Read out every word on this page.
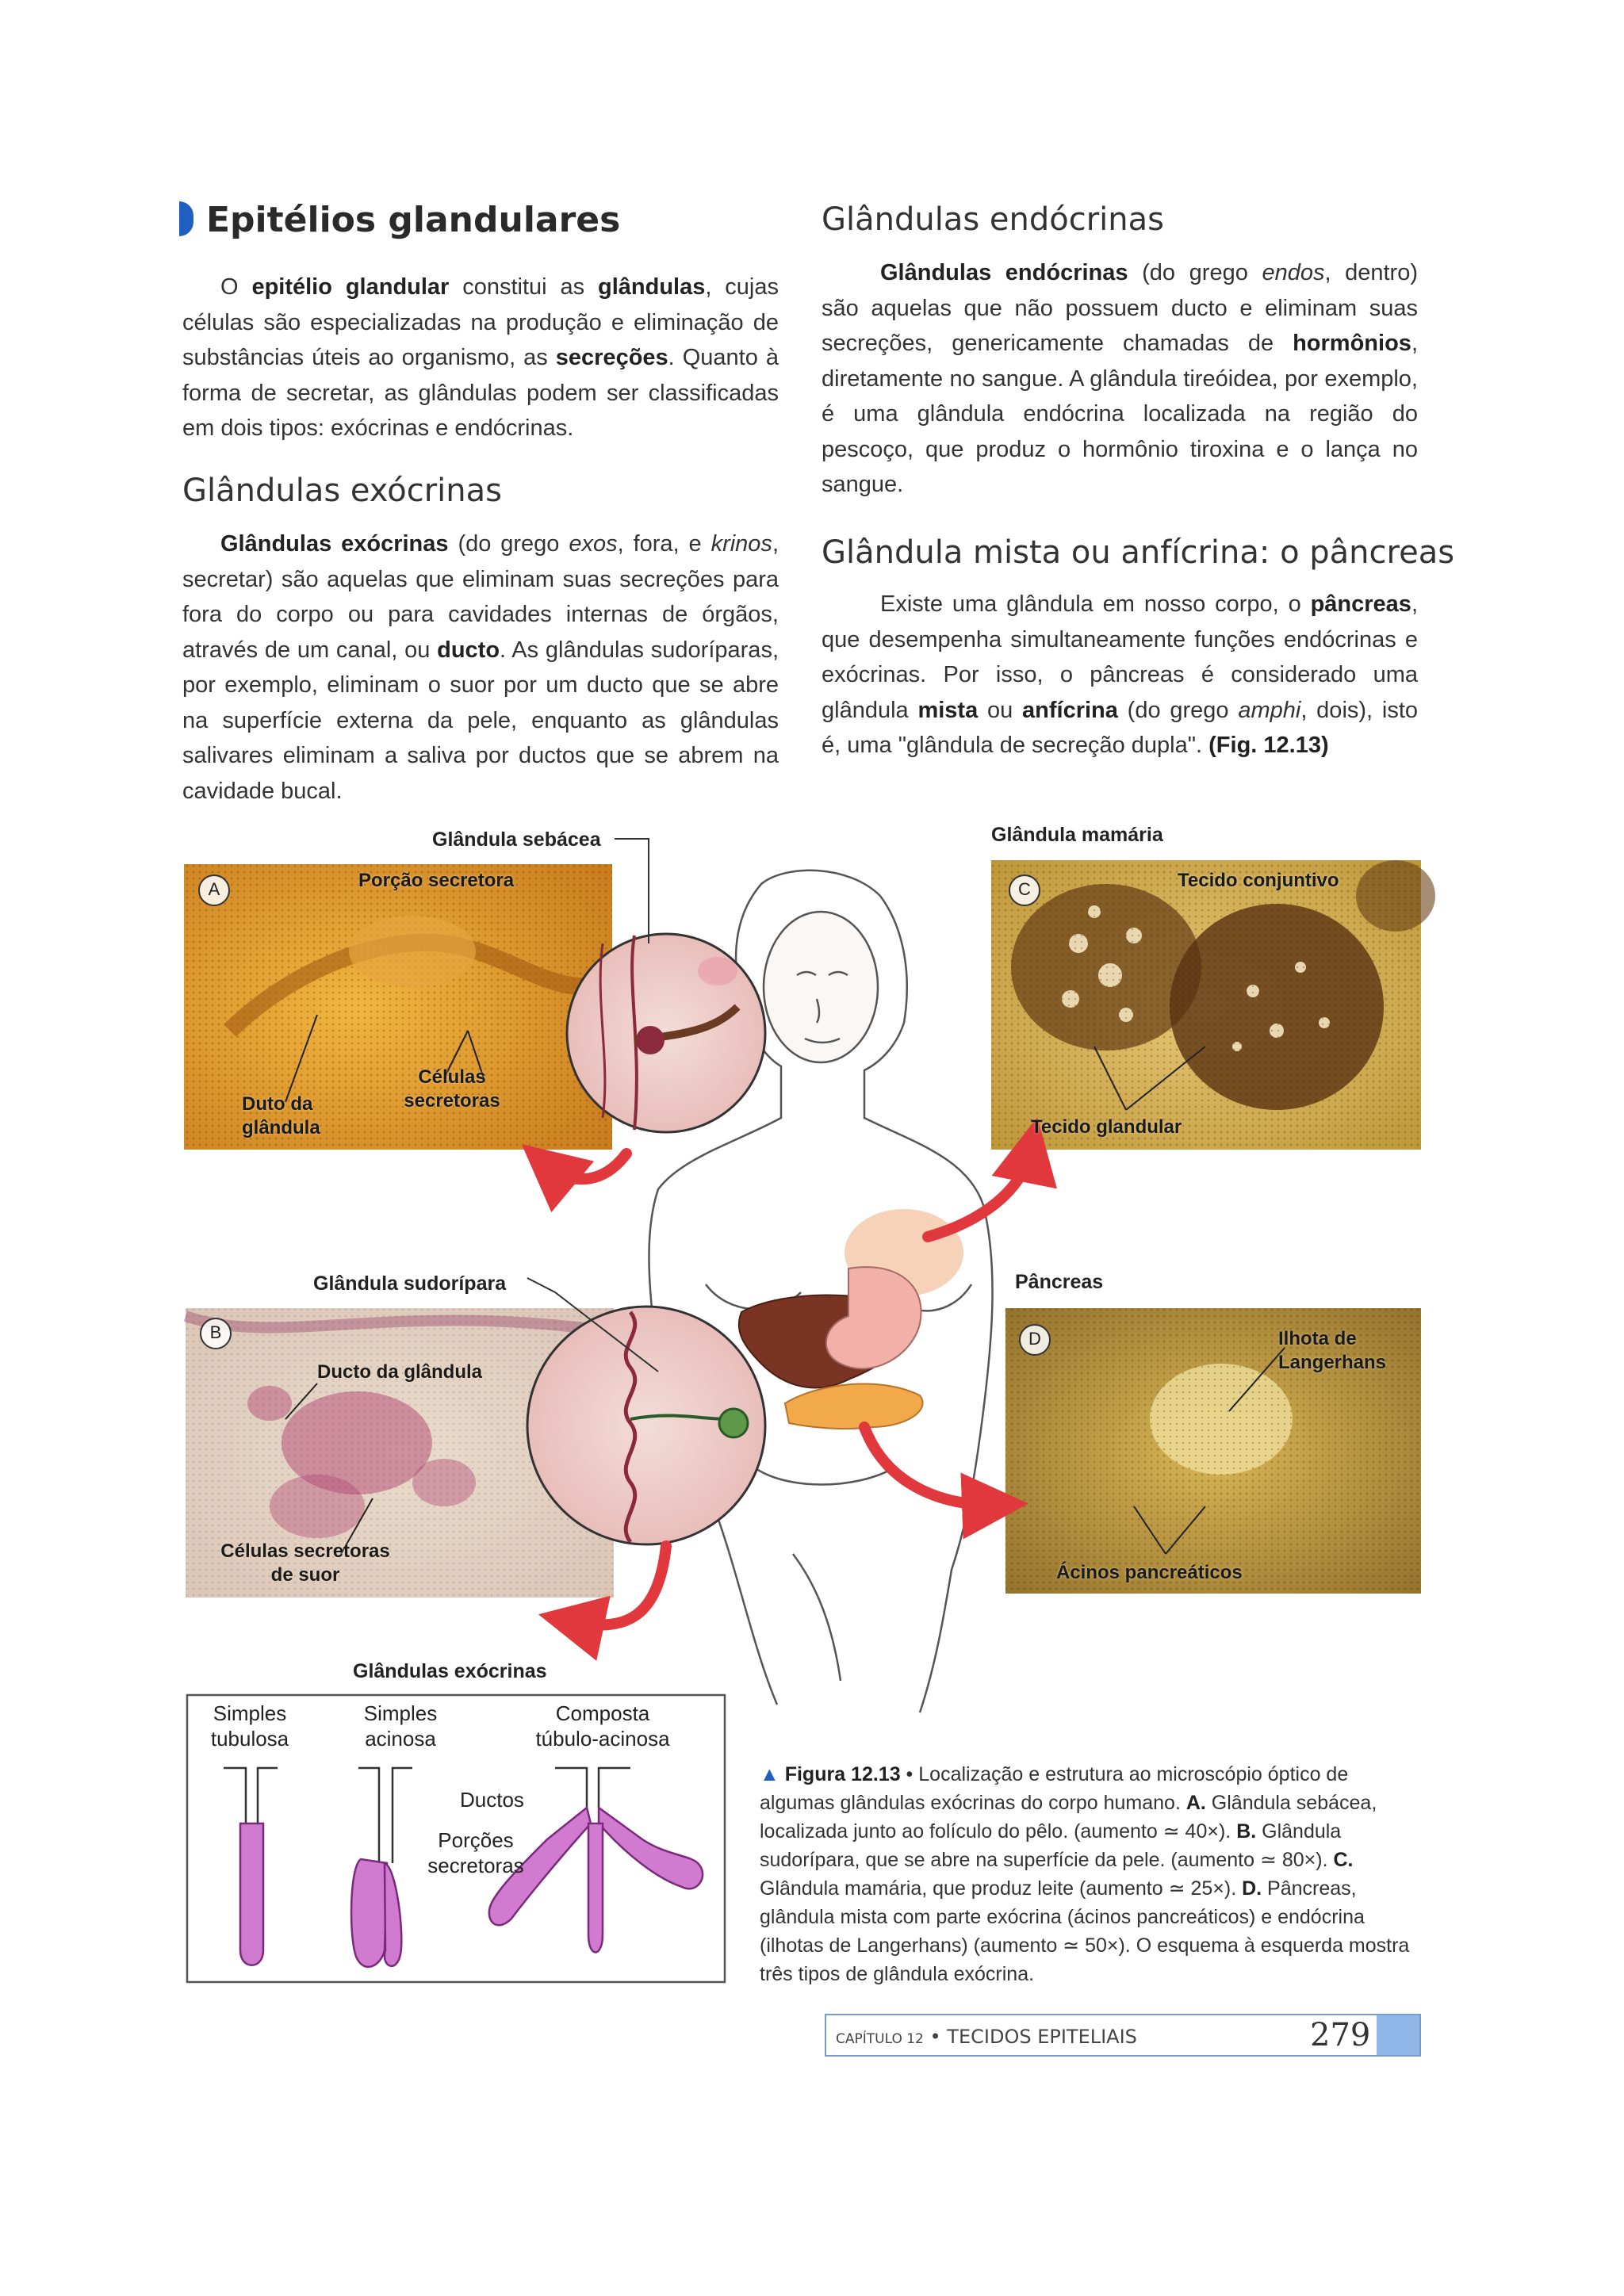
Epitélios glandulares
O epitélio glandular constitui as glândulas, cujas células são especializadas na produção e eliminação de substâncias úteis ao organismo, as secreções. Quanto à forma de secretar, as glândulas podem ser classificadas em dois tipos: exócrinas e endócrinas.
Glândulas exócrinas
Glândulas exócrinas (do grego exos, fora, e krinos, secretar) são aquelas que eliminam suas secreções para fora do corpo ou para cavidades internas de órgãos, através de um canal, ou ducto. As glândulas sudoríparas, por exemplo, eliminam o suor por um ducto que se abre na superfície externa da pele, enquanto as glândulas salivares eliminam a saliva por ductos que se abrem na cavidade bucal.
Glândulas endócrinas
Glândulas endócrinas (do grego endos, dentro) são aquelas que não possuem ducto e eliminam suas secreções, genericamente chamadas de hormônios, diretamente no sangue. A glândula tireóidea, por exemplo, é uma glândula endócrina localizada na região do pescoço, que produz o hormônio tiroxina e o lança no sangue.
Glândula mista ou anfícrina: o pâncreas
Existe uma glândula em nosso corpo, o pâncreas, que desempenha simultaneamente funções endócrinas e exócrinas. Por isso, o pâncreas é considerado uma glândula mista ou anfícrina (do grego amphi, dois), isto é, uma "glândula de secreção dupla". (Fig. 12.13)
Glândula sebácea
Glândula sudorípara
Glândula mamária
Pâncreas
A	Porção secretora
Células secretoras
Duto da glândula
B
Ducto da glândula
Células secretoras de suor
C	Tecido conjuntivo
Tecido glandular
D	Ilhota de Langerhans
Ácinos pancreáticos
Glândulas exócrinas
Simples tubulosa
Simples acinosa
Composta túbulo-acinosa
Ductos
Porções secretoras
▲ Figura 12.13 • Localização e estrutura ao microscópio óptico de algumas glândulas exócrinas do corpo humano. A. Glândula sebácea, localizada junto ao folículo do pêlo. (aumento ≃ 40×). B. Glândula sudorípara, que se abre na superfície da pele. (aumento ≃ 80×). C. Glândula mamária, que produz leite (aumento ≃ 25×). D. Pâncreas, glândula mista com parte exócrina (ácinos pancreáticos) e endócrina (ilhotas de Langerhans) (aumento ≃ 50×). O esquema à esquerda mostra três tipos de glândula exócrina.
CAPÍTULO 12 • TECIDOS EPITELIAIS	279
